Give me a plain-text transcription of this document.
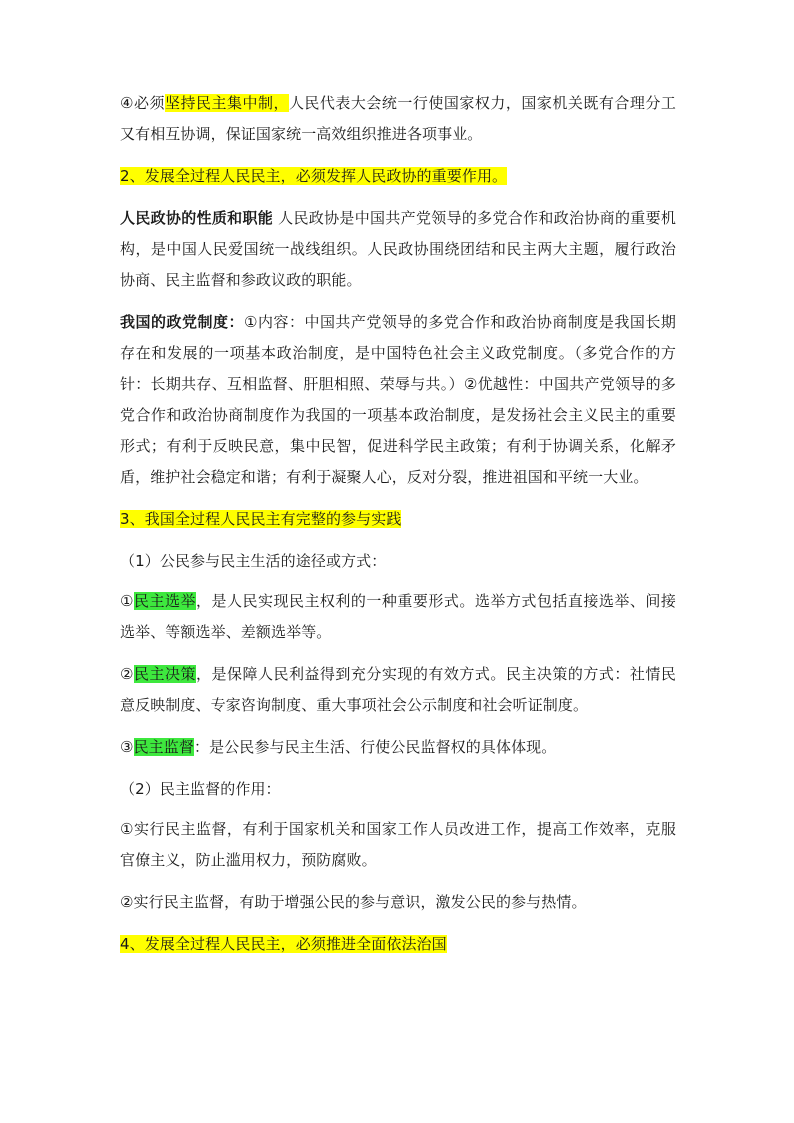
④必须坚持民主集中制，人民代表大会统一行使国家权力，国家机关既有合理分工又有相互协调，保证国家统一高效组织推进各项事业。

2、发展全过程人民民主，必须发挥人民政协的重要作用。

人民政协的性质和职能 人民政协是中国共产党领导的多党合作和政治协商的重要机构，是中国人民爱国统一战线组织。人民政协围绕团结和民主两大主题，履行政治协商、民主监督和参政议政的职能。

我国的政党制度：①内容：中国共产党领导的多党合作和政治协商制度是我国长期存在和发展的一项基本政治制度，是中国特色社会主义政党制度。（多党合作的方针：长期共存、互相监督、肝胆相照、荣辱与共。）②优越性：中国共产党领导的多党合作和政治协商制度作为我国的一项基本政治制度，是发扬社会主义民主的重要形式；有利于反映民意，集中民智，促进科学民主政策；有利于协调关系，化解矛盾，维护社会稳定和谐；有利于凝聚人心，反对分裂，推进祖国和平统一大业。

3、我国全过程人民民主有完整的参与实践

（1）公民参与民主生活的途径或方式：

①民主选举，是人民实现民主权利的一种重要形式。选举方式包括直接选举、间接选举、等额选举、差额选举等。

②民主决策，是保障人民利益得到充分实现的有效方式。民主决策的方式：社情民意反映制度、专家咨询制度、重大事项社会公示制度和社会听证制度。

③民主监督：是公民参与民主生活、行使公民监督权的具体体现。

（2）民主监督的作用：

①实行民主监督，有利于国家机关和国家工作人员改进工作，提高工作效率，克服官僚主义，防止滥用权力，预防腐败。

②实行民主监督，有助于增强公民的参与意识，激发公民的参与热情。

4、发展全过程人民民主，必须推进全面依法治国
